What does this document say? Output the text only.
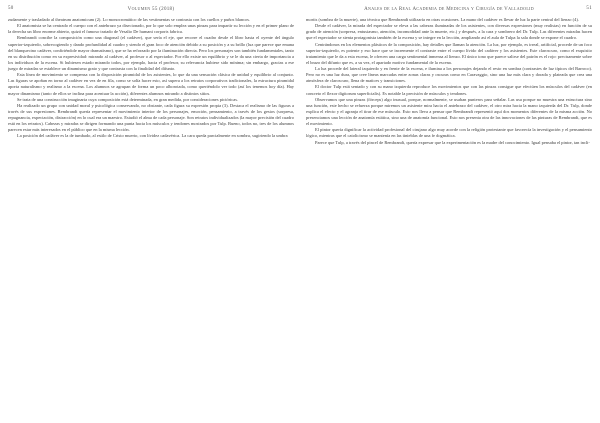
50	Volumen 55 (2018)

zudamente y trasladado al theatrum anatomicum (2). Lo monocromático de las vestimentas se contrasta con los cuellos y puños blancos.

El anatomista se ha centrado el cuerpo con el antebrazo ya disecionado, por lo que solo emplea unas pinzas para impartir su lección y en el primer plano de la derecha un libro enorme abierto, quizá el famoso tratado de Vesalio De humani corporis fabrica.

Rembrandt concibe la composición como una diagonal (el cadáver), que sería el eje, que recorre el cuadro desde el libro hasta el oyente del ángulo superior-izquierdo, sobrecogiendo y dando profundidad al cuadro y siendo el gran foco de atención debido a su posición y a su brillo (luz que parece que emana del blanquecino cadáver, confiriéndole mayor dramatismo), que se ha reforzado por la iluminación directa. Pero los personajes son también fundamentales, tanto en su distribución como en su expresividad: mirando al cadáver, al profesor o al espectador. Por ello existe un equilibrio y se le da una cierta de importancia a los individuos de la escena. Si hubiesen estado mirando todos, por ejemplo, hacia el profesor, su relevancia hubiese sido mínima; sin embargo, gracias a ese juego de miradas se establece un dinamismo grato y que contrasta con la finalidad del difunto.

Esta línea de movimiento se compensa con la disposición piramidal de los asistentes, lo que da una sensación clásica de unidad y equilibrio al conjunto. Las figuras se apoñan en torno al cadáver en vez de en fila, como se solía hacer esto, así supera a los retratos corporativos tradicionales, la estructura piramidal aporta naturalismo y realismo a la escena. Los alumnos se agrupan de forma un poco alborotada, como queriéndolo ver todo (así los tenemos hoy día). Hay mayor dinamismo (tanto de ellos se inclina para acentuar la acción), diferentes alumnos mirando a distintos sitios.

Se trata de una construcción imaginaria cuya composición está determinada, en gran medida, por consideraciones pictóricas.

Ha realizado un grupo con unidad moral y psicológica conservando, no obstante, cada figura su expresión propia (3). Destaca el realismo de las figuras a través de sus expresiones. Rembrandt quería representar el movimiento interior de los personajes, emoción, pensamiento, a través de los gestos (sorpresa, repugnancia, expectación, distracción) en lo cual era un maestro. Estudió el alma de cada personaje. Son retratos individualizados (la mayor precisión del cuadro está en los retratos). Cabezas y miradas se dirigen formando una punta hacia los músculos y tendones mostrados por Tulp. Bueno, todos no, tres de los alumnos parecen estar más interesados en el público que en la misma lección.

La posición del cadáver es la de tumbado, al estilo de Cristo muerto, con lívidez cadavérica. La cara queda parcialmente en sombra, sugiriendo la umbra

Anales de la Real Academia de Medicina y Cirugía de Valladolid	51

mortis (sombra de la muerte), una técnica que Rembrandt utilizaría en otras ocasiones. La mano del cadáver es llevar de luz la parte central del lienzo (4).

Desde el cadáver, la mirada del espectador se eleva a las cabezas iluminadas de los asistentes, con diversas expresiones (muy realistas) en función de su grado de atención (sorpresa, entusiasmo, atención, incomodidad ante la muerte, etc.) y después, a la cara y sombrero del Dr. Tulp. Las diferentes miradas hacen que el espectador se sienta protagonista también de la escena y se integre en la lección, ampliando así el aula de Tulpa la sala donde se expone el cuadro.

Centrándonos en los elementos plásticos de la composición, hay detalles que llaman la atención. La luz, por ejemplo, es irreal, artificial, procede de un foco superior-izquierdo, es potente y eso hace que se incremente el contraste entre el cuerpo lívido del cadáver y los asistentes. Este claroscuro, como el exquisito tratamiento que le da a esta escena, le ofrecen una carga sentimental inmensa al lienzo. El único tono que parece salirse del patrón es el rojo: precisamente sobre el brazo del difunto que es, a su vez, el apartado motivo fundamental de la escena.

La luz procede del lateral izquierdo y en frente de la escena, e ilumina a los personajes dejando el resto en sombra (contrastes de luz típicos del Barroco). Pero no es una luz dura, que cree líneas marcadas entre zonas claras y oscuras como en Caravaggio, sino una luz más clara y dorada y plateada que crea una atmósfera de claroscuro, llena de matices y transiciones.

El doctor Tulp está sentado y con su mano izquierda reproduce los movimientos que con las pinzas consigue que efectúen los músculos del cadáver (en concreto el flexor digitorum superficialis). Es notable la precisión de músculos y tendones.

Observamos que una pinzas (fórceps) algo inusual, porque, normalmente, se usaban punteros para señalar. Las usa porque no muestra una estructura sino una función, este hecho se refuerza porque miremos un asistente mira hacia el antebrazo del cadáver, el otro mira hacia la mano izquierda del Dr. Tulp, donde explica el efecto y el agranja el tirar de ese músculo. Esto nos lleva a pensar que Rembrandt representó aquí dos momentos diferentes de la misma acción. No presenciamos una lección de anatomía estática, sino una de anatomía funcional. Esto nos presenta otra de las innovaciones de las pinturas de Rembrandt, que es el movimiento.

El pintor quería dignificar la actividad profesional del cirujano algo muy acorde con la religión protestante que favorecía la investigación y el pensamiento lógico, mientras que el catolicismo se mantenía en las tinieblas de una fe dogmática.

Parece que Tulp, a través del pincel de Rembrandt, quería expresar que la experimentación es la madre del conocimiento. Igual pensaba el pintor, tan incli-
